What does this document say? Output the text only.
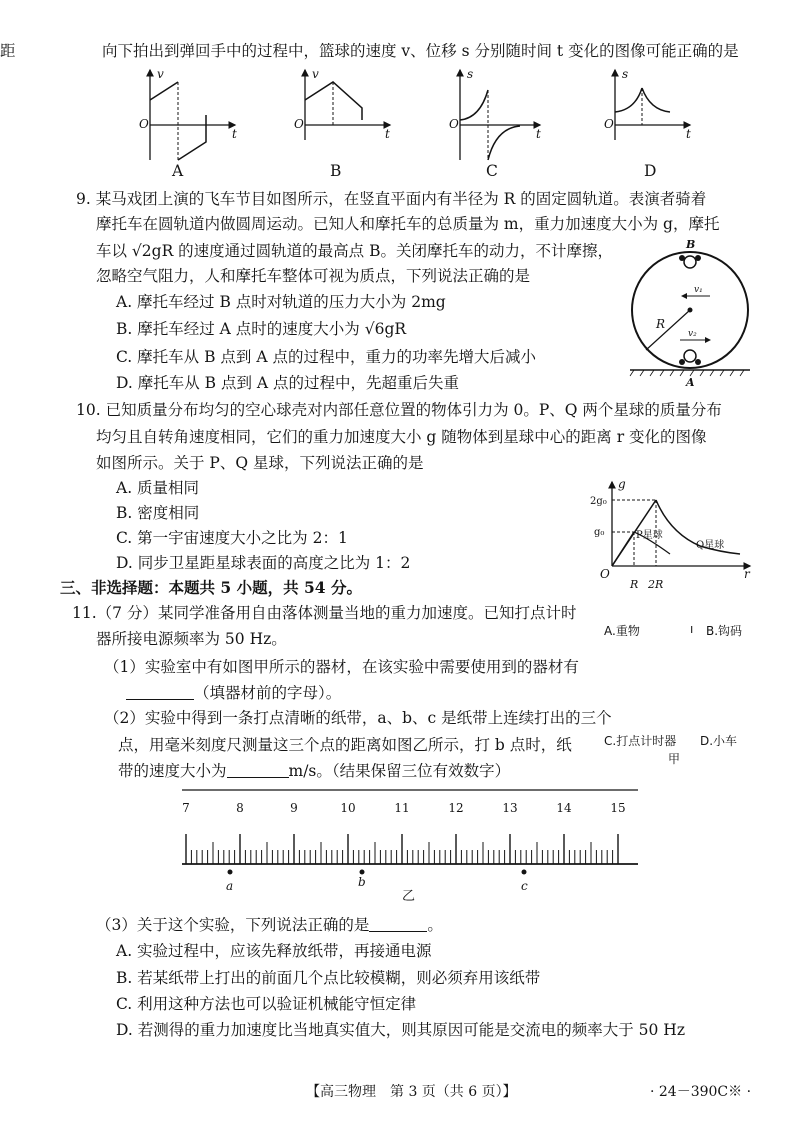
距	向下拍出到弹回手中的过程中，篮球的速度 v、位移 s 分别随时间 t 变化的图像可能正确的是
O
v
t
O
v
t
O
s
t
O
s
t
A	B	C	D
9. 某马戏团上演的飞车节目如图所示，在竖直平面内有半径为 R 的固定圆轨道。表演者骑着
摩托车在圆轨道内做圆周运动。已知人和摩托车的总质量为 m，重力加速度大小为 g，摩托
车以 √2gR 的速度通过圆轨道的最高点 B。关闭摩托车的动力，不计摩擦，
忽略空气阻力，人和摩托车整体可视为质点，下列说法正确的是
A. 摩托车经过 B 点时对轨道的压力大小为 2mg
B. 摩托车经过 A 点时的速度大小为 √6gR
C. 摩托车从 B 点到 A 点的过程中，重力的功率先增大后减小
D. 摩托车从 B 点到 A 点的过程中，先超重后失重
B
A
R
v₁
v₂
10. 已知质量分布均匀的空心球壳对内部任意位置的物体引力为 0。P、Q 两个星球的质量分布
均匀且自转角速度相同，它们的重力加速度大小 g 随物体到星球中心的距离 r 变化的图像
如图所示。关于 P、Q 星球，下列说法正确的是
A. 质量相同
B. 密度相同
C. 第一宇宙速度大小之比为 2：1
D. 同步卫星距星球表面的高度之比为 1：2
g
r
O
2g₀
g₀
R 2R
P星球
Q星球
三、非选择题：本题共 5 小题，共 54 分。
11.（7 分）某同学准备用自由落体测量当地的重力加速度。已知打点计时
器所接电源频率为 50 Hz。
（1）实验室中有如图甲所示的器材，在该实验中需要使用到的器材有
（填器材前的字母）。
（2）实验中得到一条打点清晰的纸带，a、b、c 是纸带上连续打出的三个
点，用毫米刻度尺测量这三个点的距离如图乙所示，打 b 点时，纸
带的速度大小为	m/s。（结果保留三位有效数字）
A.重物	ı B.钩码
C.打点计时器 D.小车
甲
7	8	9	10	11	12	13	14	15
a	b	c
乙
（3）关于这个实验，下列说法正确的是	。
A. 实验过程中，应该先释放纸带，再接通电源
B. 若某纸带上打出的前面几个点比较模糊，则必须弃用该纸带
C. 利用这种方法也可以验证机械能守恒定律
D. 若测得的重力加速度比当地真实值大，则其原因可能是交流电的频率大于 50 Hz
【高三物理　第 3 页（共 6 页）】	· 24－390C※ ·
